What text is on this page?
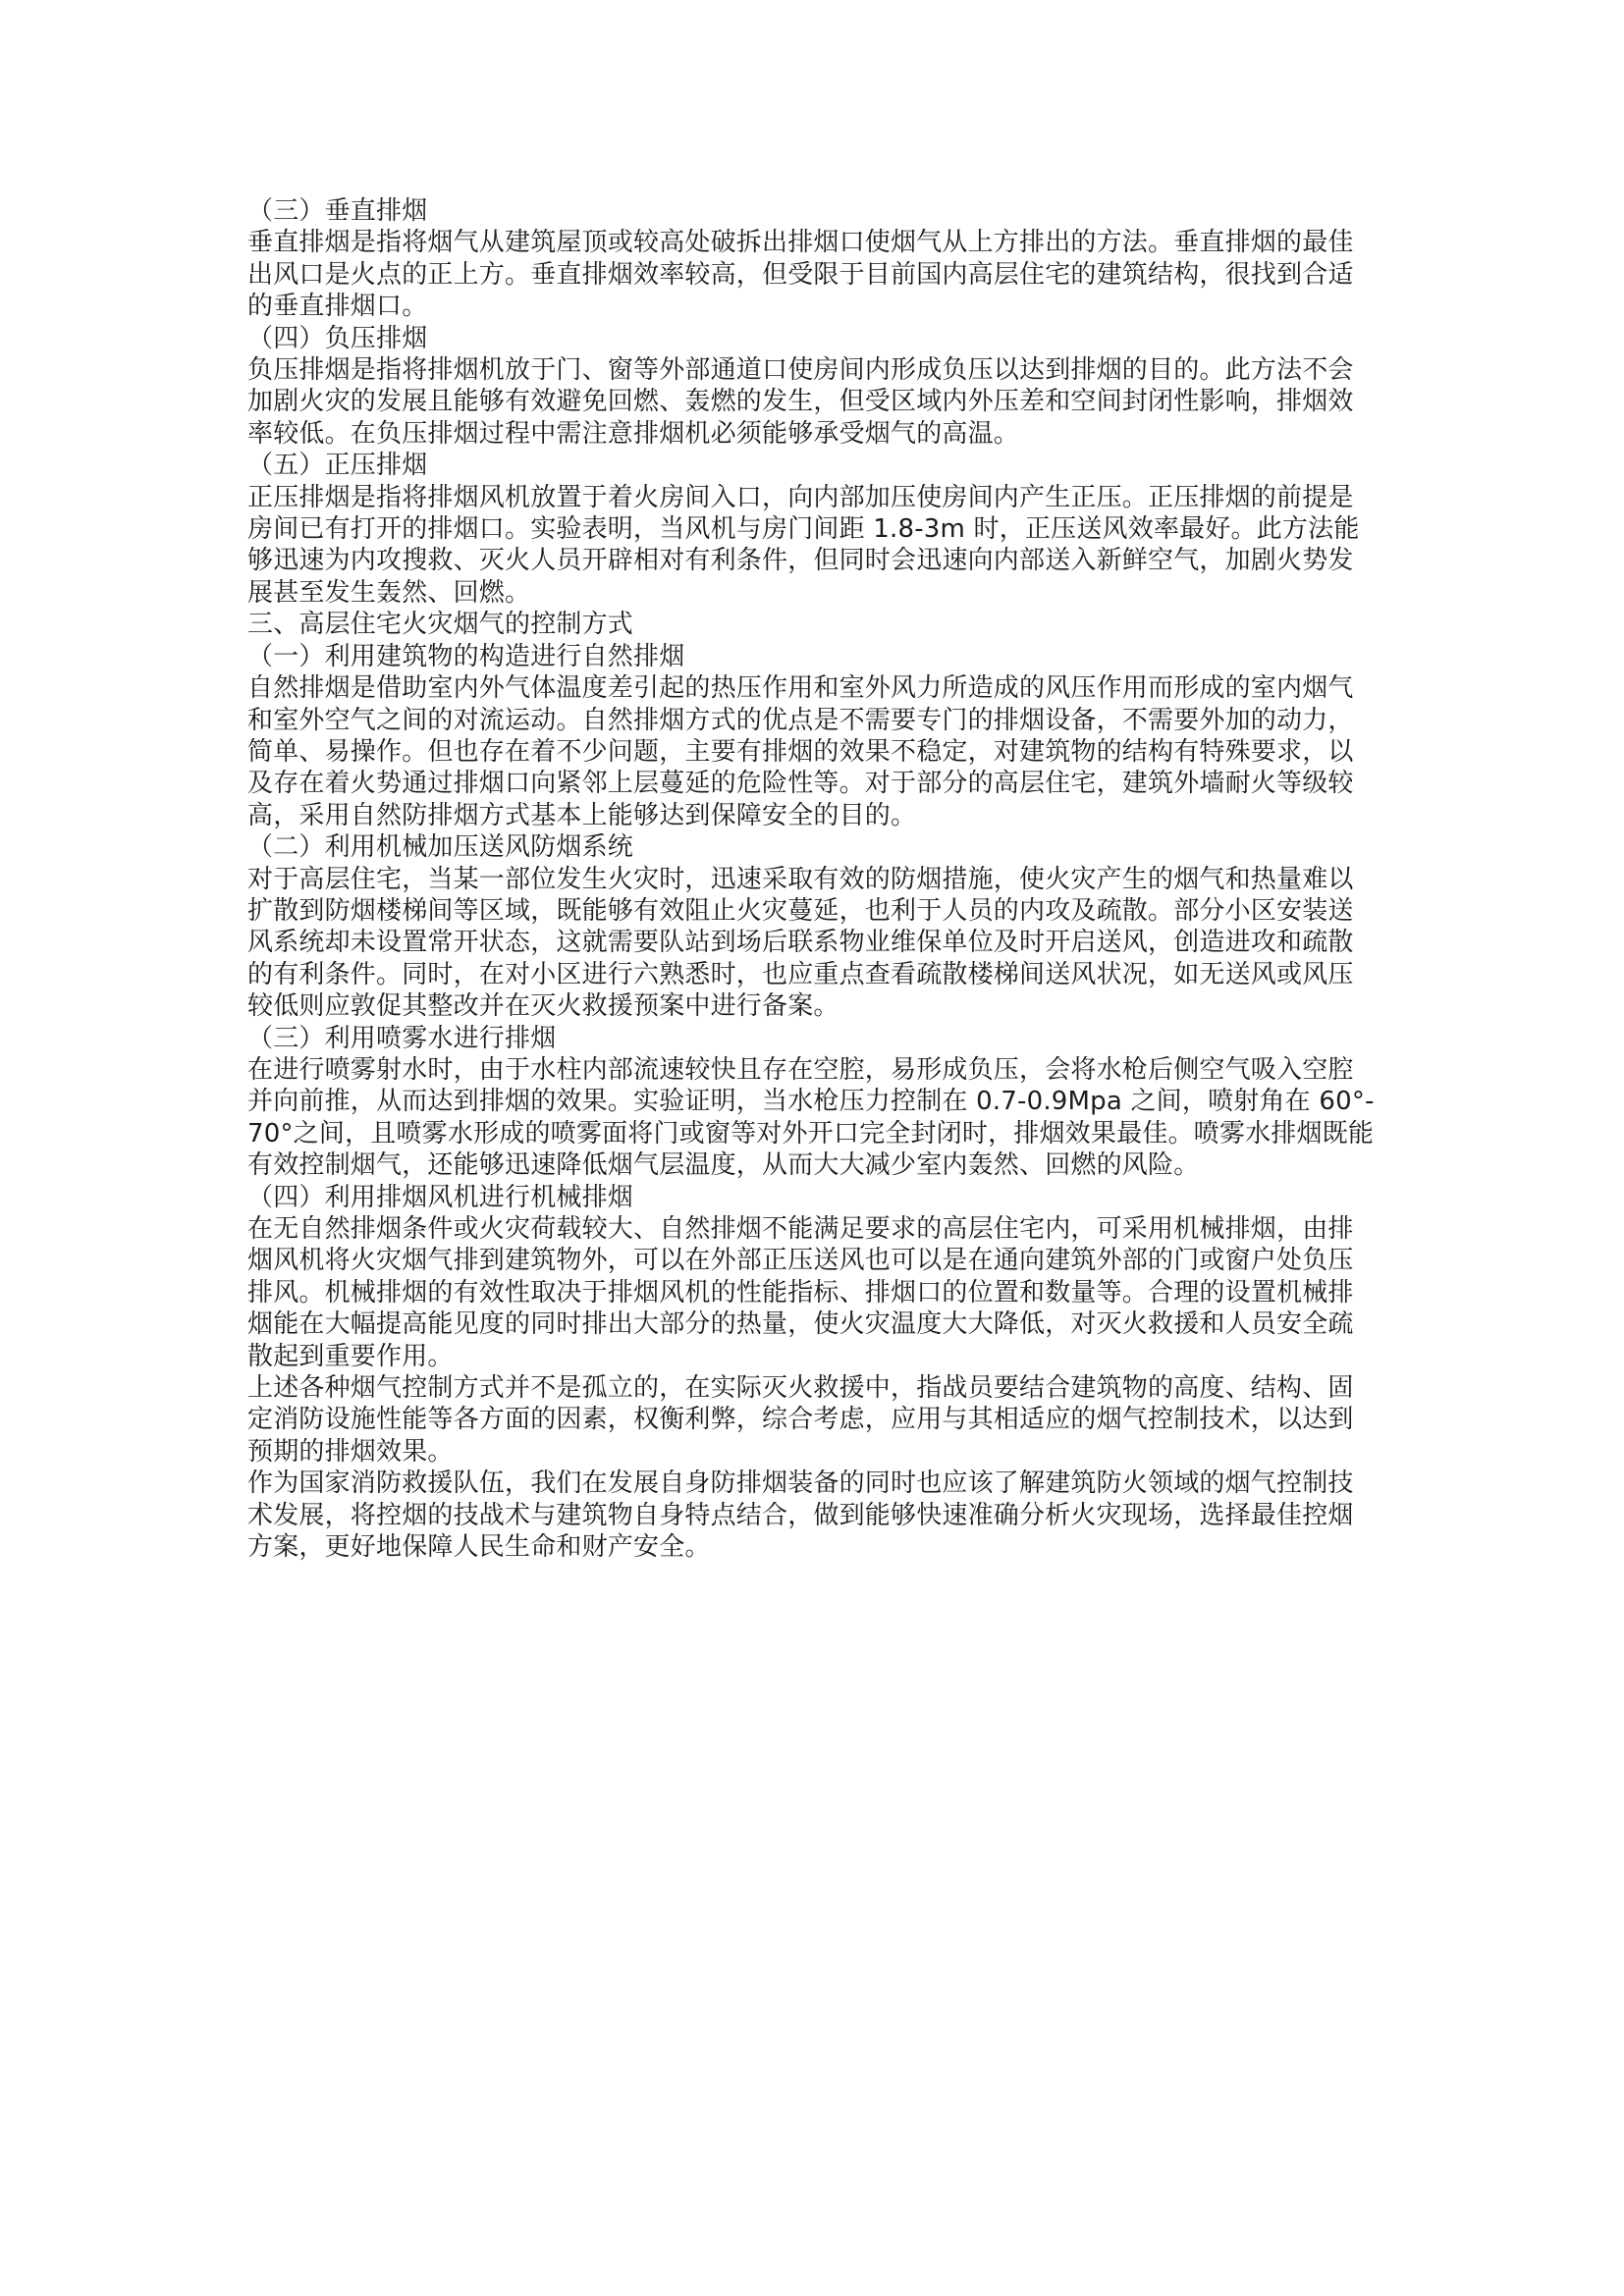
（三）垂直排烟

垂直排烟是指将烟气从建筑屋顶或较高处破拆出排烟口使烟气从上方排出的方法。垂直排烟的最佳出风口是火点的正上方。垂直排烟效率较高，但受限于目前国内高层住宅的建筑结构，很找到合适的垂直排烟口。

（四）负压排烟

负压排烟是指将排烟机放于门、窗等外部通道口使房间内形成负压以达到排烟的目的。此方法不会加剧火灾的发展且能够有效避免回燃、轰燃的发生，但受区域内外压差和空间封闭性影响，排烟效率较低。在负压排烟过程中需注意排烟机必须能够承受烟气的高温。

（五）正压排烟

正压排烟是指将排烟风机放置于着火房间入口，向内部加压使房间内产生正压。正压排烟的前提是房间已有打开的排烟口。实验表明，当风机与房门间距 1.8-3m 时，正压送风效率最好。此方法能够迅速为内攻搜救、灭火人员开辟相对有利条件，但同时会迅速向内部送入新鲜空气，加剧火势发展甚至发生轰然、回燃。

三、高层住宅火灾烟气的控制方式

（一）利用建筑物的构造进行自然排烟

自然排烟是借助室内外气体温度差引起的热压作用和室外风力所造成的风压作用而形成的室内烟气和室外空气之间的对流运动。自然排烟方式的优点是不需要专门的排烟设备，不需要外加的动力，简单、易操作。但也存在着不少问题，主要有排烟的效果不稳定，对建筑物的结构有特殊要求，以及存在着火势通过排烟口向紧邻上层蔓延的危险性等。对于部分的高层住宅，建筑外墙耐火等级较高，采用自然防排烟方式基本上能够达到保障安全的目的。

（二）利用机械加压送风防烟系统

对于高层住宅，当某一部位发生火灾时，迅速采取有效的防烟措施，使火灾产生的烟气和热量难以扩散到防烟楼梯间等区域，既能够有效阻止火灾蔓延，也利于人员的内攻及疏散。部分小区安装送风系统却未设置常开状态，这就需要队站到场后联系物业维保单位及时开启送风，创造进攻和疏散的有利条件。同时，在对小区进行六熟悉时，也应重点查看疏散楼梯间送风状况，如无送风或风压较低则应敦促其整改并在灭火救援预案中进行备案。

（三）利用喷雾水进行排烟

在进行喷雾射水时，由于水柱内部流速较快且存在空腔，易形成负压，会将水枪后侧空气吸入空腔并向前推，从而达到排烟的效果。实验证明，当水枪压力控制在 0.7-0.9Mpa 之间，喷射角在 60°-70°之间，且喷雾水形成的喷雾面将门或窗等对外开口完全封闭时，排烟效果最佳。喷雾水排烟既能有效控制烟气，还能够迅速降低烟气层温度，从而大大减少室内轰然、回燃的风险。

（四）利用排烟风机进行机械排烟

在无自然排烟条件或火灾荷载较大、自然排烟不能满足要求的高层住宅内，可采用机械排烟，由排烟风机将火灾烟气排到建筑物外，可以在外部正压送风也可以是在通向建筑外部的门或窗户处负压排风。机械排烟的有效性取决于排烟风机的性能指标、排烟口的位置和数量等。合理的设置机械排烟能在大幅提高能见度的同时排出大部分的热量，使火灾温度大大降低，对灭火救援和人员安全疏散起到重要作用。

上述各种烟气控制方式并不是孤立的，在实际灭火救援中，指战员要结合建筑物的高度、结构、固定消防设施性能等各方面的因素，权衡利弊，综合考虑，应用与其相适应的烟气控制技术，以达到预期的排烟效果。

作为国家消防救援队伍，我们在发展自身防排烟装备的同时也应该了解建筑防火领域的烟气控制技术发展，将控烟的技战术与建筑物自身特点结合，做到能够快速准确分析火灾现场，选择最佳控烟方案，更好地保障人民生命和财产安全。
